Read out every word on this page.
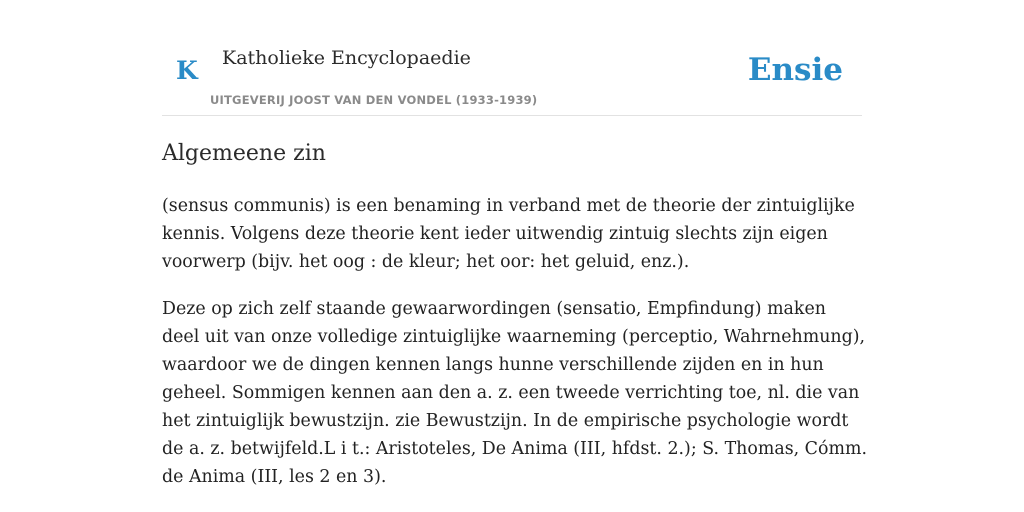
K Katholieke Encyclopaedie
UITGEVERIJ JOOST VAN DEN VONDEL (1933-1939)
Ensie
Algemeene zin

(sensus communis) is een benaming in verband met de theorie der zintuiglijke kennis. Volgens deze theorie kent ieder uitwendig zintuig slechts zijn eigen voorwerp (bijv. het oog : de kleur; het oor: het geluid, enz.).

Deze op zich zelf staande gewaarwordingen (sensatio, Empfindung) maken deel uit van onze volledige zintuiglijke waarneming (perceptio, Wahrnehmung), waardoor we de dingen kennen langs hunne verschillende zijden en in hun geheel. Sommigen kennen aan den a. z. een tweede verrichting toe, nl. die van het zintuiglijk bewustzijn. zie Bewustzijn. In de empirische psychologie wordt de a. z. betwijfeld.L i t.: Aristoteles, De Anima (III, hfdst. 2.); S. Thomas, Cómm. de Anima (III, les 2 en 3).
